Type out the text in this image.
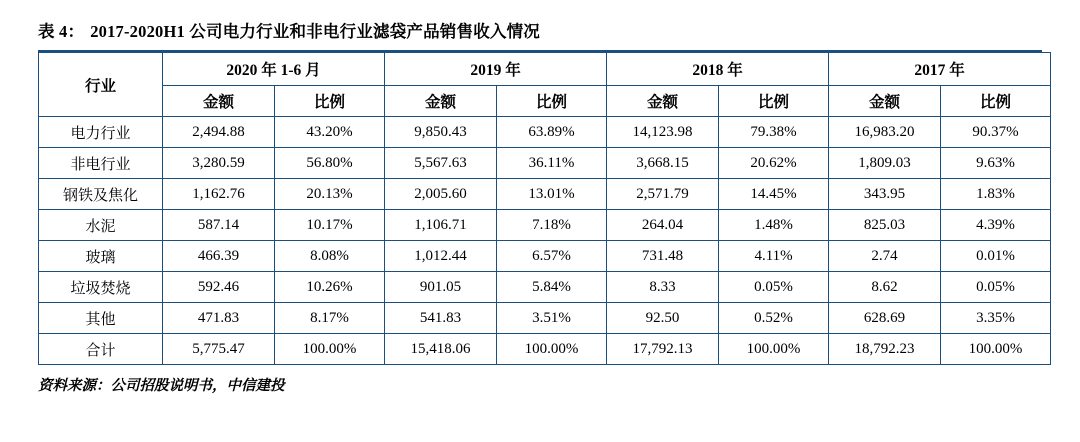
表 4： 2017-2020H1 公司电力行业和非电行业滤袋产品销售收入情况
行业	2020 年 1-6 月		2019 年		2018 年		2017 年	
	金额	比例	金额	比例	金额	比例	金额	比例
电力行业	2,494.88	43.20%	9,850.43	63.89%	14,123.98	79.38%	16,983.20	90.37%
非电行业	3,280.59	56.80%	5,567.63	36.11%	3,668.15	20.62%	1,809.03	9.63%
钢铁及焦化	1,162.76	20.13%	2,005.60	13.01%	2,571.79	14.45%	343.95	1.83%
水泥	587.14	10.17%	1,106.71	7.18%	264.04	1.48%	825.03	4.39%
玻璃	466.39	8.08%	1,012.44	6.57%	731.48	4.11%	2.74	0.01%
垃圾焚烧	592.46	10.26%	901.05	5.84%	8.33	0.05%	8.62	0.05%
其他	471.83	8.17%	541.83	3.51%	92.50	0.52%	628.69	3.35%
合计	5,775.47	100.00%	15,418.06	100.00%	17,792.13	100.00%	18,792.23	100.00%
资料来源：公司招股说明书，中信建投
